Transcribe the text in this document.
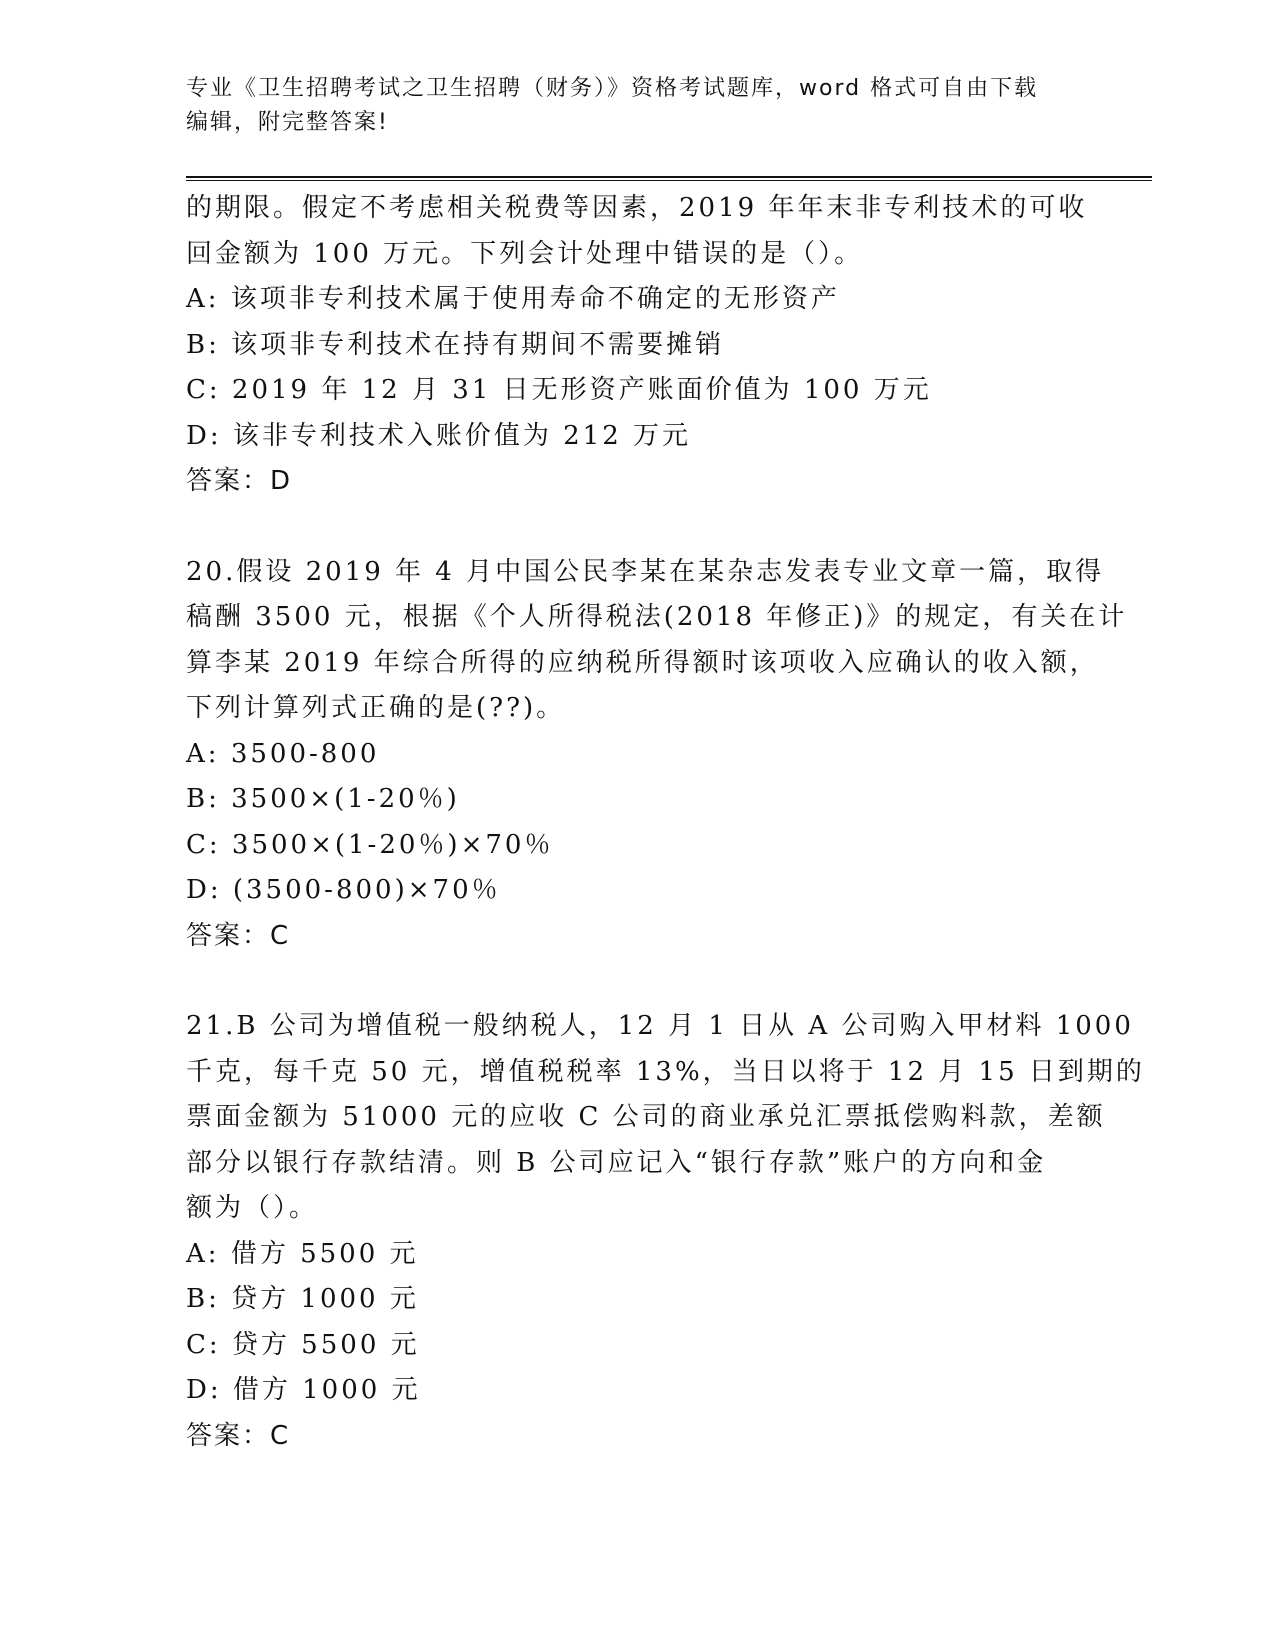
专业《卫生招聘考试之卫生招聘（财务）》资格考试题库，word 格式可自由下载
编辑，附完整答案!

的期限。假定不考虑相关税费等因素，2019 年年末非专利技术的可收

回金额为 100 万元。下列会计处理中错误的是（）。

A: 该项非专利技术属于使用寿命不确定的无形资产

B: 该项非专利技术在持有期间不需要摊销

C: 2019 年 12 月 31 日无形资产账面价值为 100 万元

D: 该非专利技术入账价值为 212 万元

答案：D

20.假设 2019 年 4 月中国公民李某在某杂志发表专业文章一篇，取得

稿酬 3500 元，根据《个人所得税法(2018 年修正)》的规定，有关在计

算李某 2019 年综合所得的应纳税所得额时该项收入应确认的收入额，

下列计算列式正确的是(??)。

A: 3500-800

B: 3500×(1-20％)

C: 3500×(1-20％)×70％

D: (3500-800)×70％

答案：C

21.B 公司为增值税一般纳税人，12 月 1 日从 A 公司购入甲材料 1000

千克，每千克 50 元，增值税税率 13%，当日以将于 12 月 15 日到期的

票面金额为 51000 元的应收 C 公司的商业承兑汇票抵偿购料款，差额

部分以银行存款结清。则 B 公司应记入“银行存款”账户的方向和金

额为（）。

A: 借方 5500 元

B: 贷方 1000 元

C: 贷方 5500 元

D: 借方 1000 元

答案：C
